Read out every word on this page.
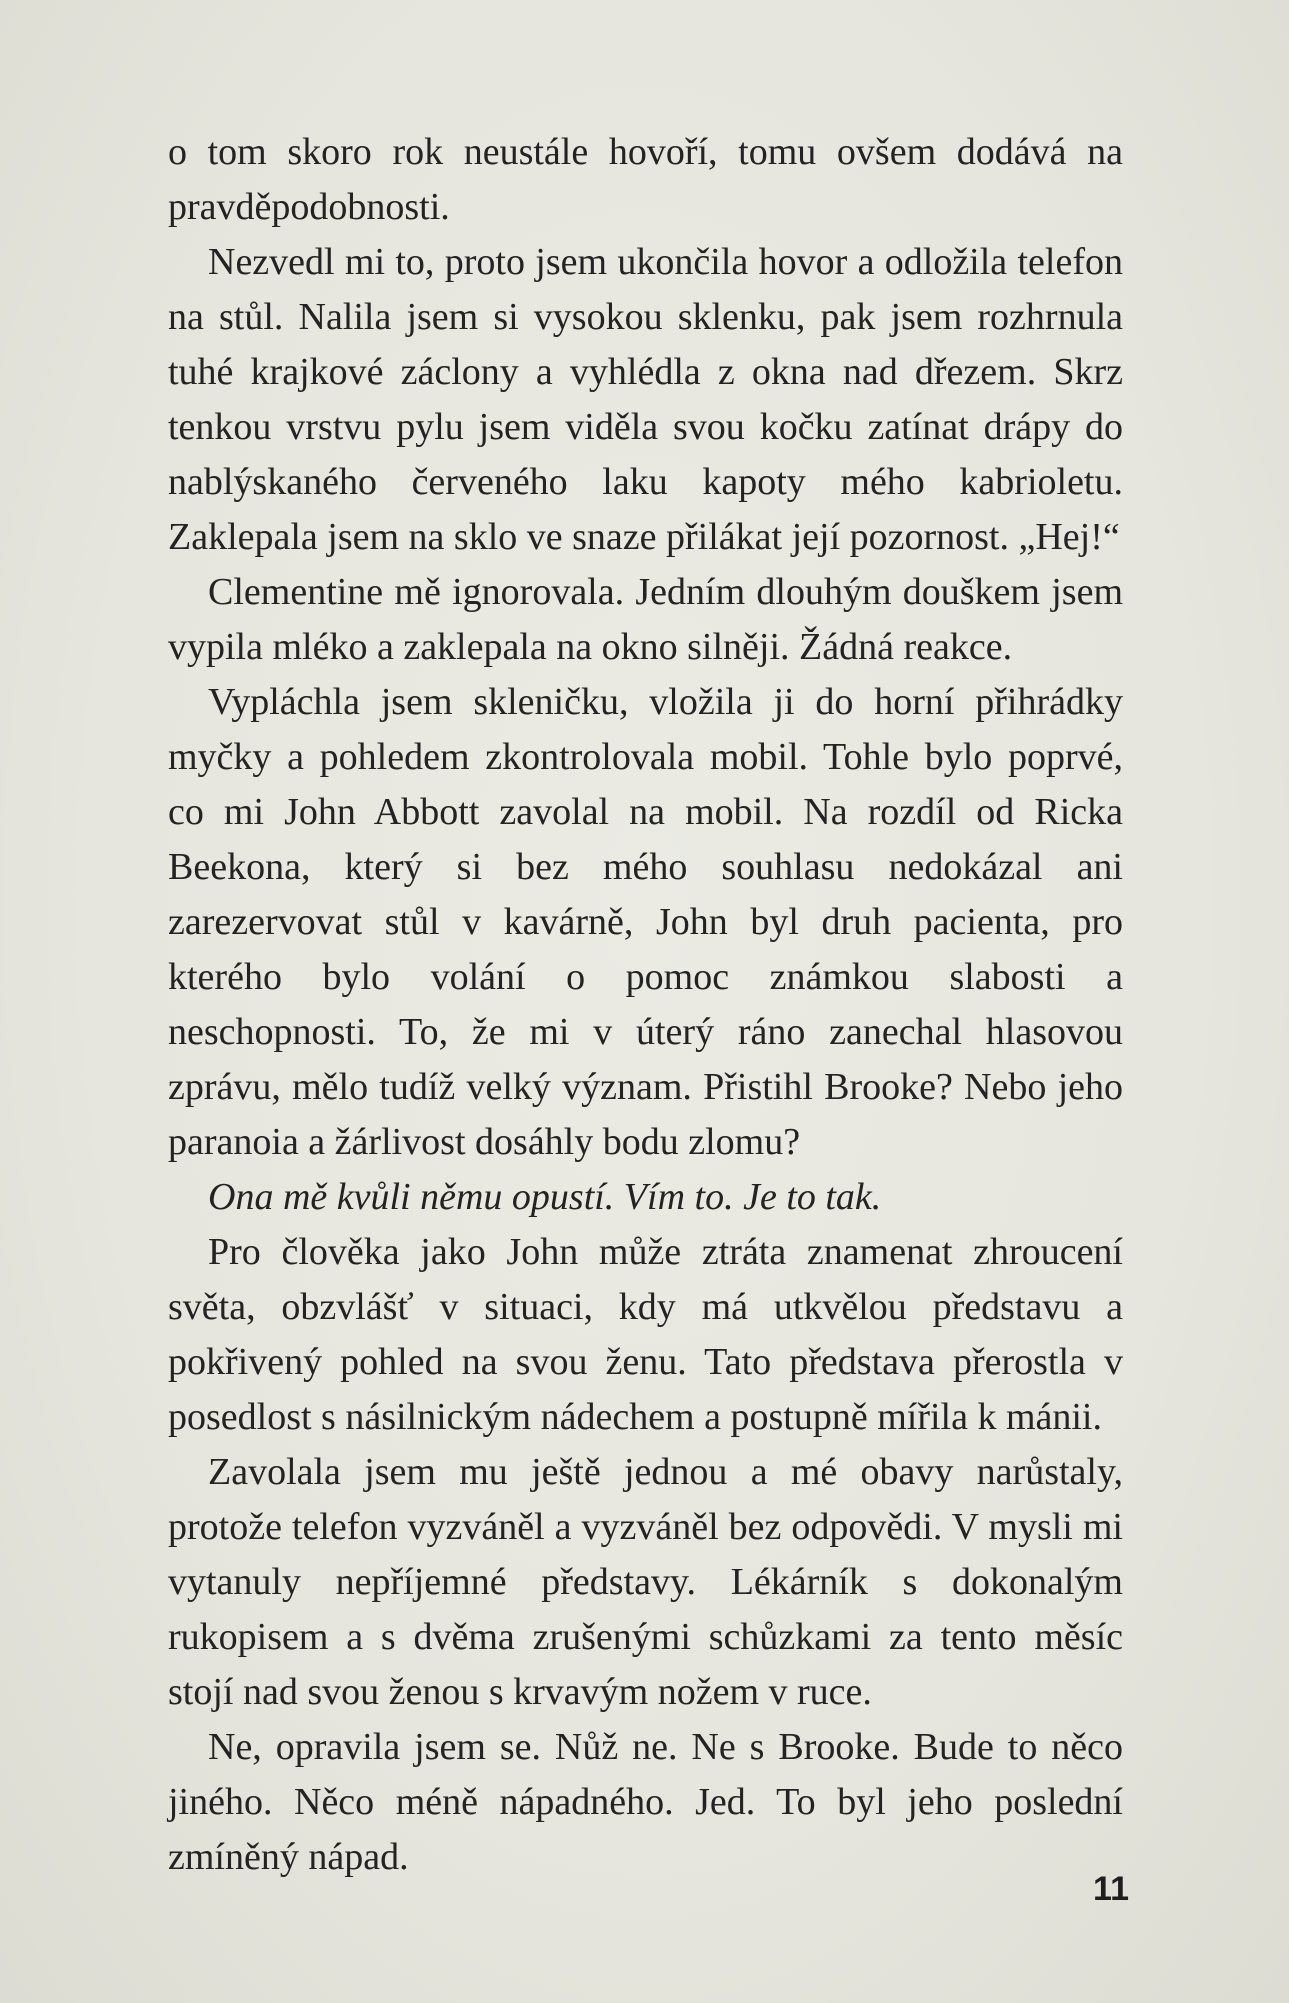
o tom skoro rok neustále hovoří, tomu ovšem dodává na pravděpodobnosti.

Nezvedl mi to, proto jsem ukončila hovor a odložila telefon na stůl. Nalila jsem si vysokou sklenku, pak jsem rozhrnula tuhé krajkové záclony a vyhlédla z okna nad dřezem. Skrz tenkou vrstvu pylu jsem viděla svou kočku zatínat drápy do nablýskaného červeného laku kapoty mého kabrioletu. Zaklepala jsem na sklo ve snaze přilákat její pozornost. „Hej!“

Clementine mě ignorovala. Jedním dlouhým douškem jsem vypila mléko a zaklepala na okno silněji. Žádná reakce.

Vypláchla jsem skleničku, vložila ji do horní přihrádky myčky a pohledem zkontrolovala mobil. Tohle bylo poprvé, co mi John Abbott zavolal na mobil. Na rozdíl od Ricka Beekona, který si bez mého souhlasu nedokázal ani zarezervovat stůl v kavárně, John byl druh pacienta, pro kterého bylo volání o pomoc známkou slabosti a neschopnosti. To, že mi v úterý ráno zanechal hlasovou zprávu, mělo tudíž velký význam. Přistihl Brooke? Nebo jeho paranoia a žárlivost dosáhly bodu zlomu?

Ona mě kvůli němu opustí. Vím to. Je to tak.

Pro člověka jako John může ztráta znamenat zhroucení světa, obzvlášť v situaci, kdy má utkvělou představu a pokřivený pohled na svou ženu. Tato představa přerostla v posedlost s násilnickým nádechem a postupně mířila k mánii.

Zavolala jsem mu ještě jednou a mé obavy narůstaly, protože telefon vyzváněl a vyzváněl bez odpovědi. V mysli mi vytanuly nepříjemné představy. Lékárník s dokonalým rukopisem a s dvěma zrušenými schůzkami za tento měsíc stojí nad svou ženou s krvavým nožem v ruce.

Ne, opravila jsem se. Nůž ne. Ne s Brooke. Bude to něco jiného. Něco méně nápadného. Jed. To byl jeho poslední zmíněný nápad.

11
